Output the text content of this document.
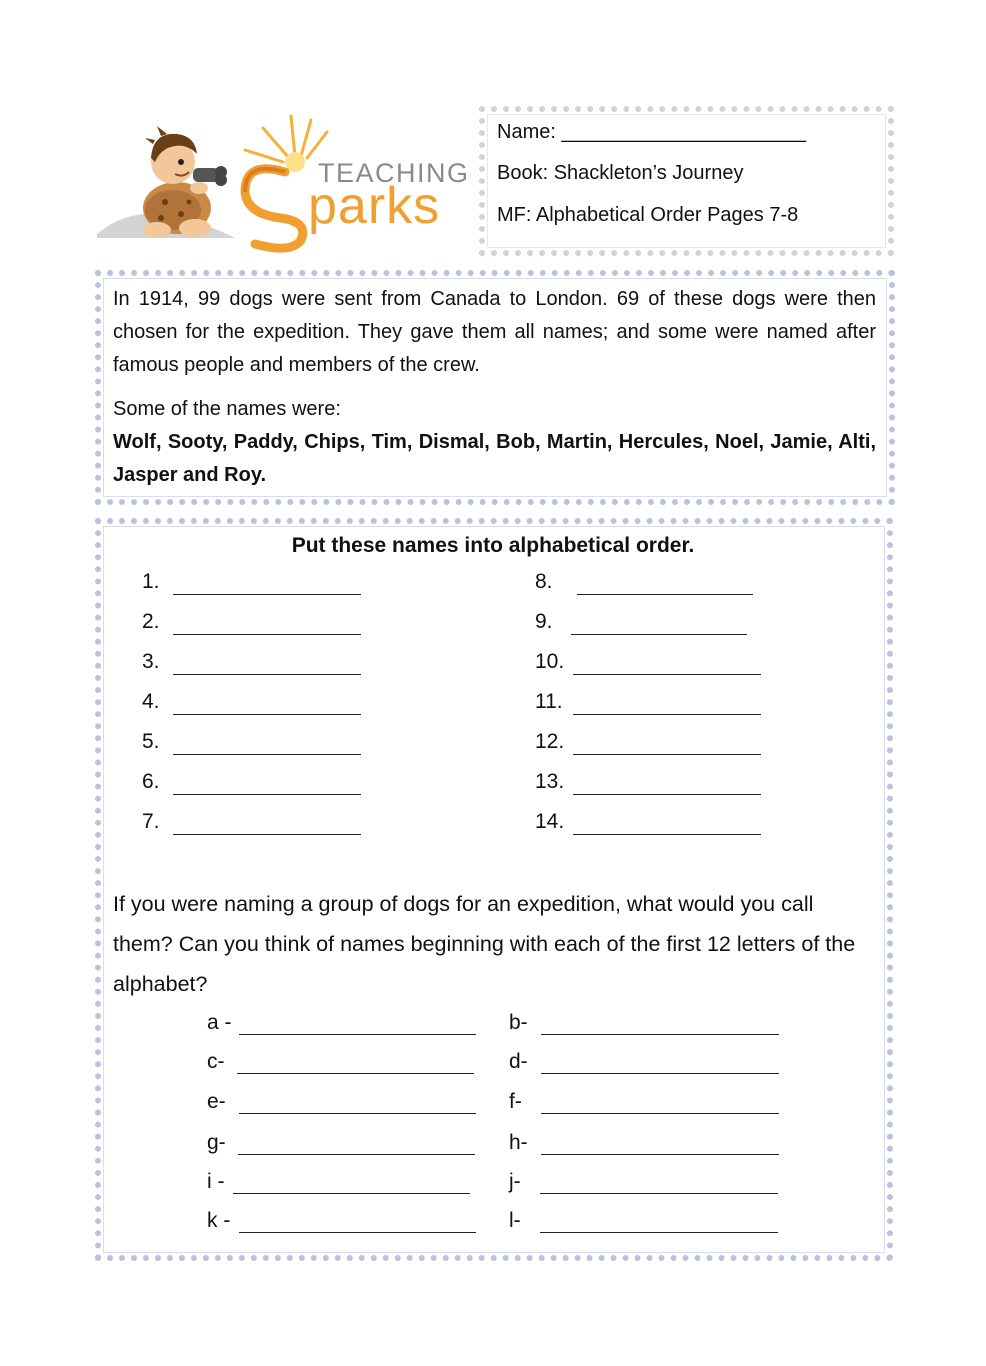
TEACHING
parks
Name: ______________________
Book: Shackleton’s Journey
MF: Alphabetical Order Pages 7-8
In 1914, 99 dogs were sent from Canada to London. 69 of these dogs were then chosen for the expedition. They gave them all names; and some were named after famous people and members of the crew.
Some of the names were:
Wolf, Sooty, Paddy, Chips, Tim, Dismal, Bob, Martin, Hercules, Noel, Jamie, Alti, Jasper and Roy.
Put these names into alphabetical order.
1.
2.
3.
4.
5.
6.
7.
8.
9.
10.
11.
12.
13.
14.
If you were naming a group of dogs for an expedition, what would you call them? Can you think of names beginning with each of the first 12 letters of the alphabet?
a -	b-
c-	d-
e-	f-
g-	h-
i -	j-
k -	l-
